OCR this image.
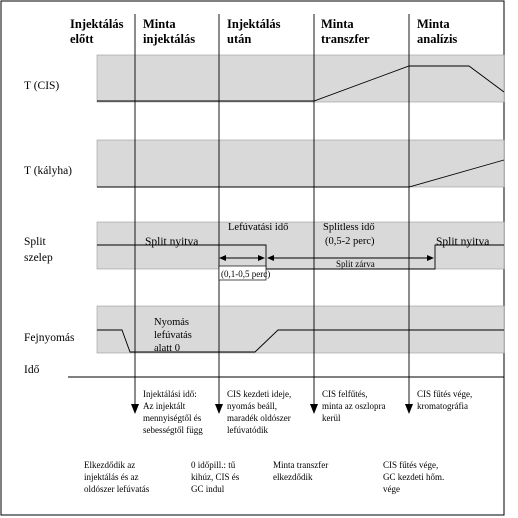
Injektálás
előtt
Minta
injektálás
Injektálás
után
Minta
transzfer
Minta
analízis
T (CIS)
T (kályha)
Split
szelep
Fejnyomás
Idő
Split nyitva	Split nyitva
Lefúvatási idő	Splitless idő
(0,5-2 perc)
Split zárva
(0,1-0,5 perc)
Nyomás
lefúvatás
alatt 0
Injektálási idő:
Az injektált
mennyiségtől és
sebességtől függ
CIS kezdeti ideje,
nyomás beáll,
maradék oldószer
lefúvatódik
CIS felfűtés,
minta az oszlopra
kerül
CIS fűtés vége,
kromatográfia
Elkezdődik az
injektálás és az
oldószer lefúvatás
0 időpill.: tű
kihúz, CIS és
GC indul
Minta transzfer
elkezdődik
CIS fűtés vége,
GC kezdeti hőm.
vége
